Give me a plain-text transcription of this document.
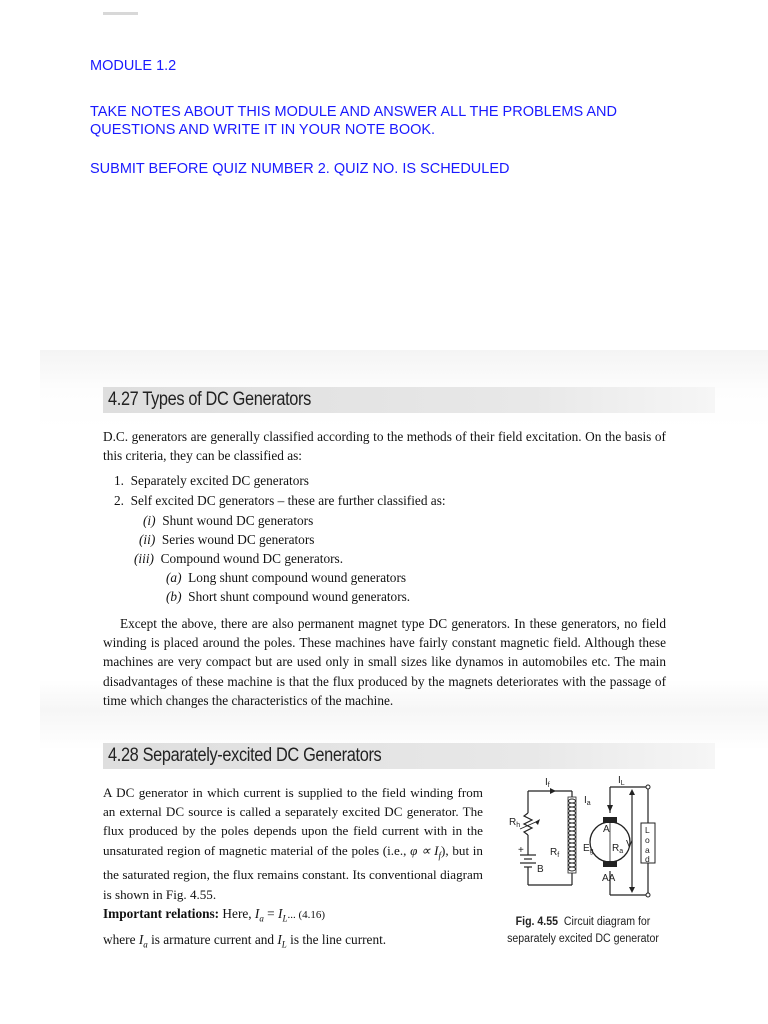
MODULE 1.2
TAKE NOTES ABOUT THIS MODULE AND ANSWER ALL THE PROBLEMS AND QUESTIONS AND WRITE IT IN YOUR NOTE BOOK.
SUBMIT BEFORE QUIZ NUMBER 2. QUIZ NO. IS SCHEDULED
4.27 Types of DC Generators
D.C. generators are generally classified according to the methods of their field excitation. On the basis of this criteria, they can be classified as:
1. Separately excited DC generators
2. Self excited DC generators – these are further classified as:
(i) Shunt wound DC generators
(ii) Series wound DC generators
(iii) Compound wound DC generators.
(a) Long shunt compound wound generators
(b) Short shunt compound wound generators.
Except the above, there are also permanent magnet type DC generators. In these generators, no field winding is placed around the poles. These machines have fairly constant magnetic field. Although these machines are very compact but are used only in small sizes like dynamos in automobiles etc. The main disadvantages of these machine is that the flux produced by the magnets deteriorates with the passage of time which changes the characteristics of the machine.
4.28 Separately-excited DC Generators
A DC generator in which current is supplied to the field winding from an external DC source is called a separately excited DC generator. The flux produced by the poles depends upon the field current with in the unsaturated region of magnetic material of the poles (i.e., $\varphi \propto I_f$), but in the saturated region, the flux remains constant. Its conventional diagram is shown in Fig. 4.55.
Important relations: Here, $I_a = I_L$... (4.16)
where $I_a$ is armature current and $I_L$ is the line current.
$I_f$	$I_L$
$I_a$
$R_h$
$R_f$
+
B
A
AA
$E_g$ $R_a$
V
L
o
a
d
Fig. 4.55 Circuit diagram for separately excited DC generator
